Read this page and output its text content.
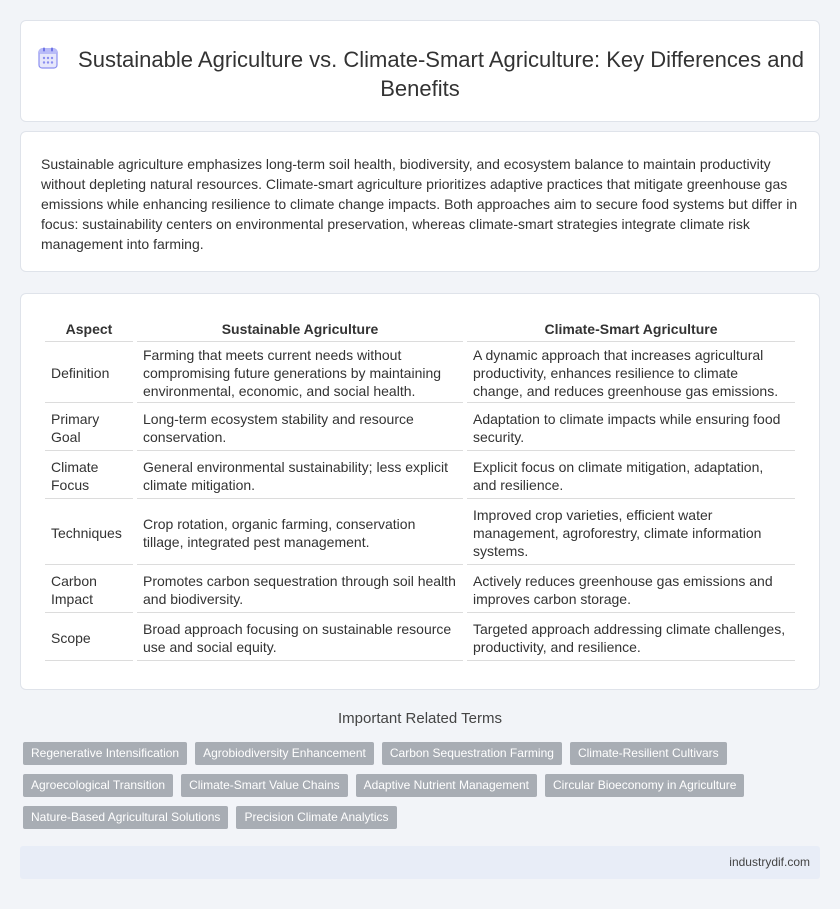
Sustainable Agriculture vs. Climate-Smart Agriculture: Key Differences and Benefits

Sustainable agriculture emphasizes long-term soil health, biodiversity, and ecosystem balance to maintain productivity without depleting natural resources. Climate-smart agriculture prioritizes adaptive practices that mitigate greenhouse gas emissions while enhancing resilience to climate change impacts. Both approaches aim to secure food systems but differ in focus: sustainability centers on environmental preservation, whereas climate-smart strategies integrate climate risk management into farming.

Aspect	Sustainable Agriculture	Climate-Smart Agriculture
Definition	Farming that meets current needs without compromising future generations by maintaining environmental, economic, and social health.	A dynamic approach that increases agricultural productivity, enhances resilience to climate change, and reduces greenhouse gas emissions.
Primary Goal	Long-term ecosystem stability and resource conservation.	Adaptation to climate impacts while ensuring food security.
Climate Focus	General environmental sustainability; less explicit climate mitigation.	Explicit focus on climate mitigation, adaptation, and resilience.
Techniques	Crop rotation, organic farming, conservation tillage, integrated pest management.	Improved crop varieties, efficient water management, agroforestry, climate information systems.
Carbon Impact	Promotes carbon sequestration through soil health and biodiversity.	Actively reduces greenhouse gas emissions and improves carbon storage.
Scope	Broad approach focusing on sustainable resource use and social equity.	Targeted approach addressing climate challenges, productivity, and resilience.
Important Related Terms
Regenerative Intensification	Agrobiodiversity Enhancement	Carbon Sequestration Farming	Climate-Resilient Cultivars
Agroecological Transition	Climate-Smart Value Chains	Adaptive Nutrient Management	Circular Bioeconomy in Agriculture
Nature-Based Agricultural Solutions	Precision Climate Analytics
industrydif.com
